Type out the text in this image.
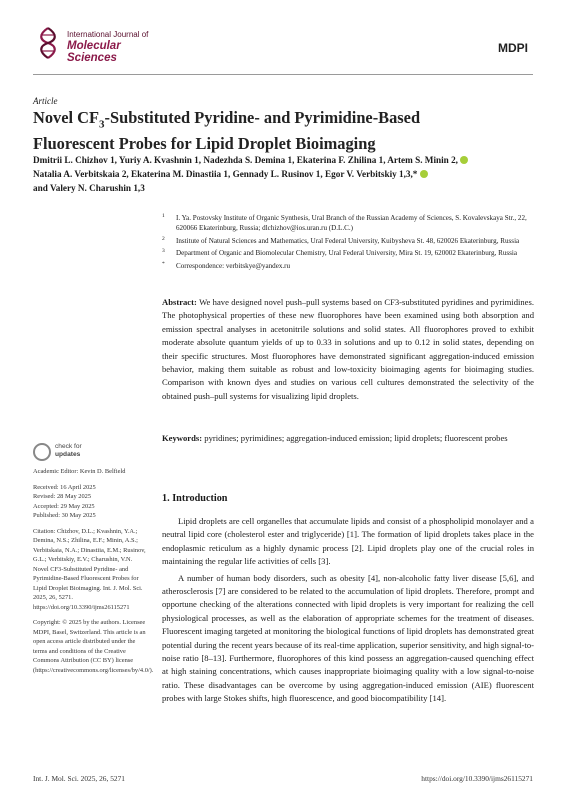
International Journal of
Molecular Sciences
MDPI
Article
Novel $CF_3$-Substituted Pyridine- and Pyrimidine-Based Fluorescent Probes for Lipid Droplet Bioimaging
Dmitrii L. Chizhov 1, Yuriy A. Kvashnin 1, Nadezhda S. Demina 1, Ekaterina F. Zhilina 1, Artem S. Minin 2,
Natalia A. Verbitskaia 2, Ekaterina M. Dinastiia 1, Gennady L. Rusinov 1, Egor V. Verbitskiy 1,3,*
and Valery N. Charushin 1,3
1 I. Ya. Postovsky Institute of Organic Synthesis, Ural Branch of the Russian Academy of Sciences, S. Kovalevskaya Str., 22, 620066 Ekaterinburg, Russia; dlchizhov@ios.uran.ru (D.L.C.)
2 Institute of Natural Sciences and Mathematics, Ural Federal University, Kuibysheva St. 48, 620026 Ekaterinburg, Russia
3 Department of Organic and Biomolecular Chemistry, Ural Federal University, Mira St. 19, 620002 Ekaterinburg, Russia
* Correspondence: verbitskye@yandex.ru
Abstract: We have designed novel push–pull systems based on CF3-substituted pyridines and pyrimidines. The photophysical properties of these new fluorophores have been examined using both absorption and emission spectral analyses in acetonitrile solutions and solid states. All fluorophores proved to exhibit moderate absolute quantum yields of up to 0.33 in solutions and up to 0.12 in solid states, depending on their specific structures. Most fluorophores have demonstrated significant aggregation-induced emission behavior, making them suitable as robust and low-toxicity bioimaging agents for bioimaging studies. Comparison with known dyes and studies on various cell cultures demonstrated the selectivity of the obtained push–pull systems for visualizing lipid droplets.
Keywords: pyridines; pyrimidines; aggregation-induced emission; lipid droplets; fluorescent probes
check for
updates

Academic Editor: Kevin D. Belfield

Received: 16 April 2025
Revised: 28 May 2025
Accepted: 29 May 2025
Published: 30 May 2025

Citation: Chizhov, D.L.; Kvashnin, Y.A.; Demina, N.S.; Zhilina, E.F.; Minin, A.S.; Verbitskaia, N.A.; Dinastiia, E.M.; Rusinov, G.L.; Verbitskiy, E.V.; Charushin, V.N. Novel CF3-Substituted Pyridine- and Pyrimidine-Based Fluorescent Probes for Lipid Droplet Bioimaging. Int. J. Mol. Sci. 2025, 26, 5271. https://doi.org/10.3390/ijms26115271

Copyright: © 2025 by the authors. Licensee MDPI, Basel, Switzerland. This article is an open access article distributed under the terms and conditions of the Creative Commons Attribution (CC BY) license (https://creativecommons.org/licenses/by/4.0/).

1. Introduction

Lipid droplets are cell organelles that accumulate lipids and consist of a phospholipid monolayer and a neutral lipid core (cholesterol ester and triglyceride) [1]. The formation of lipid droplets takes place in the endoplasmic reticulum as a highly dynamic process [2]. Lipid droplets play one of the crucial roles in maintaining the regular life activities of cells [3].

A number of human body disorders, such as obesity [4], non-alcoholic fatty liver disease [5,6], and atherosclerosis [7] are considered to be related to the accumulation of lipid droplets. Therefore, prompt and opportune checking of the alterations connected with lipid droplets is very important for realizing the cell physiological processes, as well as the elaboration of appropriate schemes for the treatment of diseases. Fluorescent imaging targeted at monitoring the biological functions of lipid droplets has demonstrated great potential during the recent years because of its real-time application, superior sensitivity, and high signal-to-noise ratio [8–13]. Furthermore, fluorophores of this kind possess an aggregation-caused quenching effect at high staining concentrations, which causes inappropriate bioimaging quality with a low signal-to-noise ratio. These disadvantages can be overcome by using aggregation-induced emission (AIE) fluorescent probes with large Stokes shifts, high fluorescence, and good biocompatibility [14].

Int. J. Mol. Sci. 2025, 26, 5271	https://doi.org/10.3390/ijms26115271
